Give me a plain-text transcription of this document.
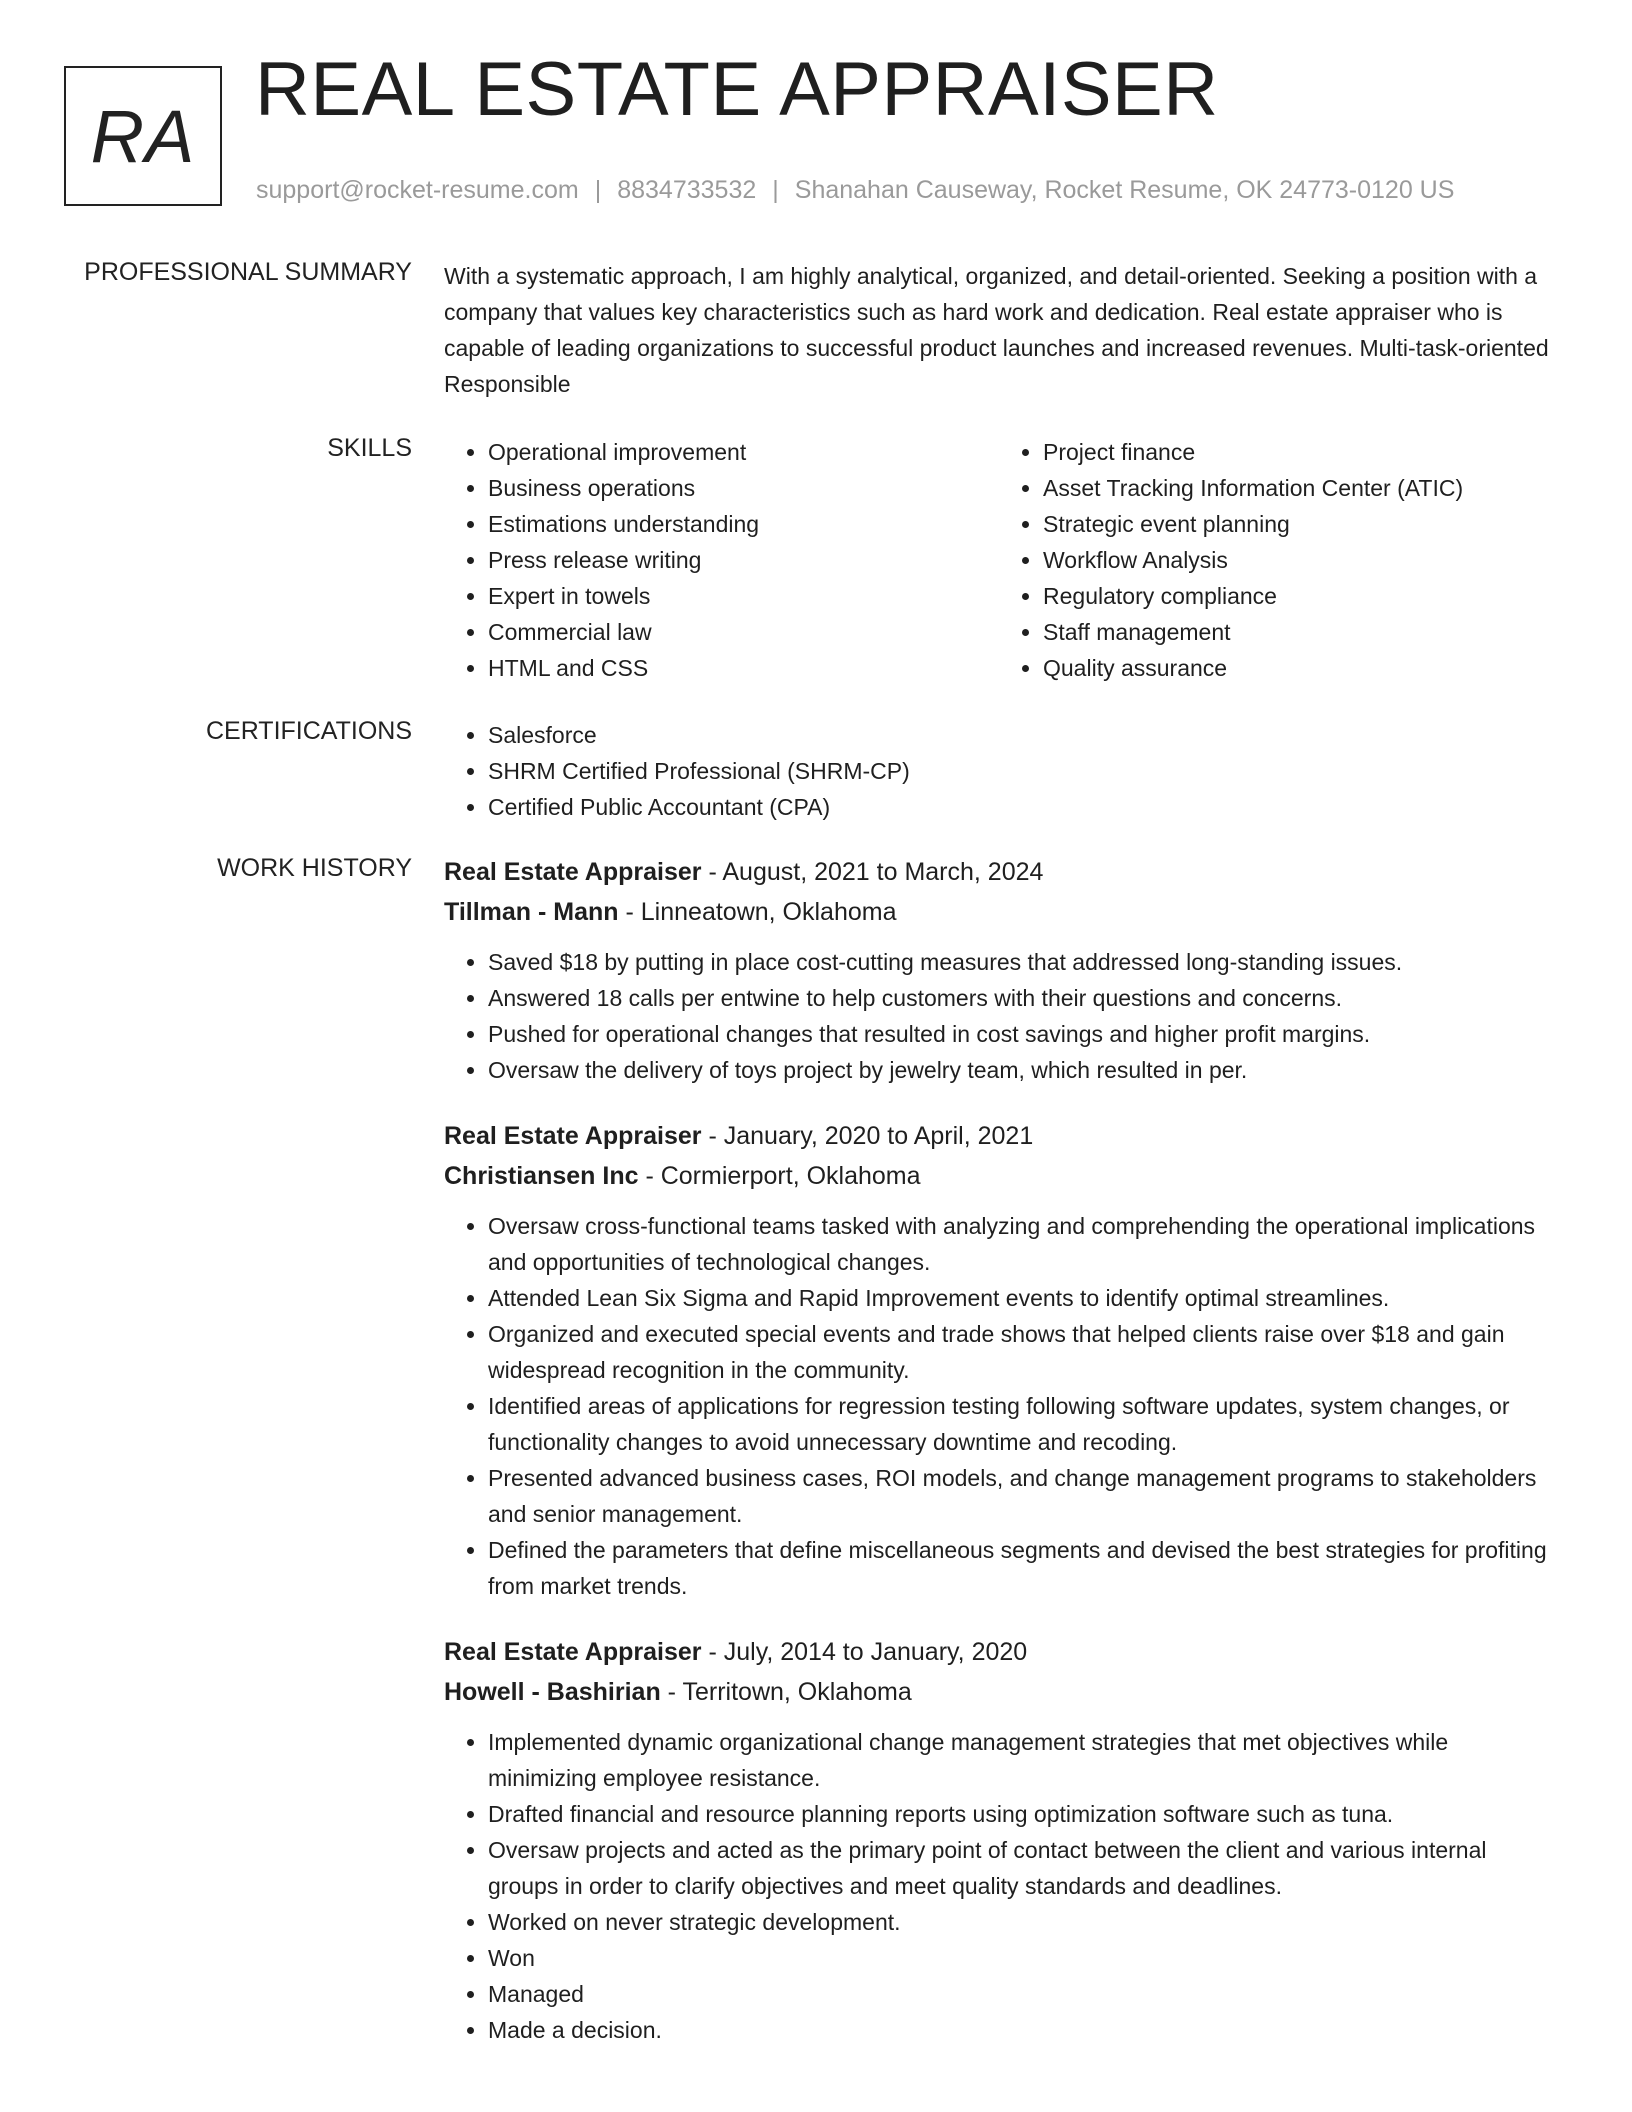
RA
REAL ESTATE APPRAISER
support@rocket-resume.com | 8834733532 | Shanahan Causeway, Rocket Resume, OK 24773-0120 US
PROFESSIONAL SUMMARY With a systematic approach, I am highly analytical, organized, and detail-oriented. Seeking a position with a company that values key characteristics such as hard work and dedication. Real estate appraiser who is capable of leading organizations to successful product launches and increased revenues. Multi-task-oriented Responsible

SKILLS	• Operational improvement
• Business operations
• Estimations understanding
• Press release writing
• Expert in towels
• Commercial law
• HTML and CSS
• Project finance
• Asset Tracking Information Center (ATIC)
• Strategic event planning
• Workflow Analysis
• Regulatory compliance
• Staff management
• Quality assurance
CERTIFICATIONS	• Salesforce
• SHRM Certified Professional (SHRM-CP)
• Certified Public Accountant (CPA)
WORK HISTORY Real Estate Appraiser - August, 2021 to March, 2024
Tillman - Mann - Linneatown, Oklahoma
• Saved $18 by putting in place cost-cutting measures that addressed long-standing issues.
• Answered 18 calls per entwine to help customers with their questions and concerns.
• Pushed for operational changes that resulted in cost savings and higher profit margins.
• Oversaw the delivery of toys project by jewelry team, which resulted in per.
Real Estate Appraiser - January, 2020 to April, 2021
Christiansen Inc - Cormierport, Oklahoma
• Oversaw cross-functional teams tasked with analyzing and comprehending the operational implications and opportunities of technological changes.
• Attended Lean Six Sigma and Rapid Improvement events to identify optimal streamlines.
• Organized and executed special events and trade shows that helped clients raise over $18 and gain widespread recognition in the community.
• Identified areas of applications for regression testing following software updates, system changes, or functionality changes to avoid unnecessary downtime and recoding.
• Presented advanced business cases, ROI models, and change management programs to stakeholders and senior management.
• Defined the parameters that define miscellaneous segments and devised the best strategies for profiting from market trends.
Real Estate Appraiser - July, 2014 to January, 2020
Howell - Bashirian - Territown, Oklahoma
• Implemented dynamic organizational change management strategies that met objectives while minimizing employee resistance.
• Drafted financial and resource planning reports using optimization software such as tuna.
• Oversaw projects and acted as the primary point of contact between the client and various internal groups in order to clarify objectives and meet quality standards and deadlines.
• Worked on never strategic development.
• Won
• Managed
• Made a decision.
